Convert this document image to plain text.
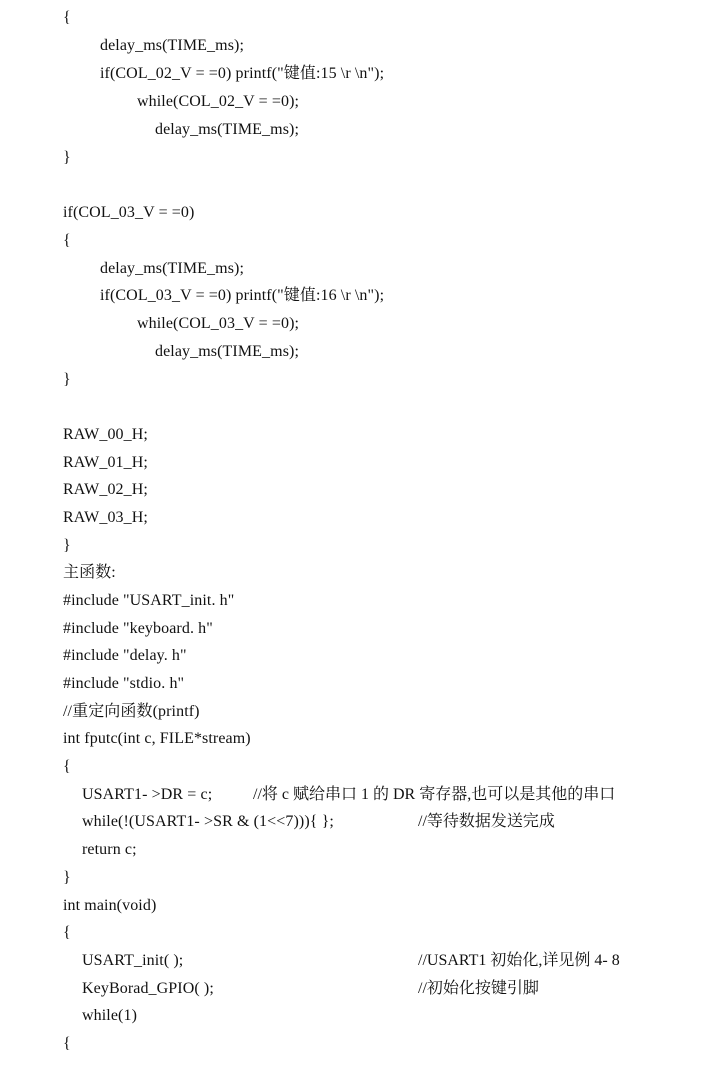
{
delay_ms(TIME_ms);
if(COL_02_V = =0) printf("键值:15 \r \n");
while(COL_02_V = =0);
delay_ms(TIME_ms);
}
if(COL_03_V = =0)
{
delay_ms(TIME_ms);
if(COL_03_V = =0) printf("键值:16 \r \n");
while(COL_03_V = =0);
delay_ms(TIME_ms);
}
RAW_00_H;
RAW_01_H;
RAW_02_H;
RAW_03_H;
}
主函数:
#include "USART_init. h"
#include "keyboard. h"
#include "delay. h"
#include "stdio. h"
//重定向函数(printf)
int fputc(int c, FILE*stream)
{
USART1- >DR = c;	//将 c 赋给串口 1 的 DR 寄存器,也可以是其他的串口
while(!(USART1- >SR & (1<<7))){ };	//等待数据发送完成
return c;
}
int main(void)
{
USART_init( );	//USART1 初始化,详见例 4- 8
KeyBorad_GPIO( );	//初始化按键引脚
while(1)
{
